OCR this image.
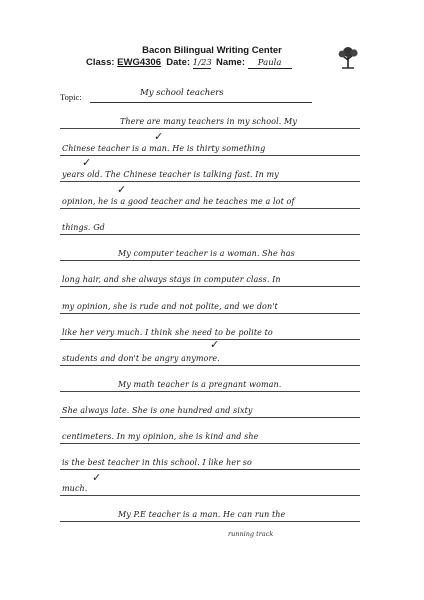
Bacon Bilingual Writing Center
Class: EWG4306 Date: 1/23 Name: Paula
Topic:	My school teachers
There are many teachers in my school. My
Chinese teacher is a man. He is thirty something
years old. The Chinese teacher is talking fast. In my
opinion, he is a good teacher and he teaches me a lot of
things. Gd
My computer teacher is a woman. She has
long hair, and she always stays in computer class. In
my opinion, she is rude and not polite, and we don't
like her very much. I think she need to be polite to
students and don't be angry anymore.
My math teacher is a pregnant woman.
She always late. She is one hundred and sixty
centimeters. In my opinion, she is kind and she
is the best teacher in this school. I like her so
much.
My P.E teacher is a man. He can run the
✓
✓
✓
✓
✓
running track
